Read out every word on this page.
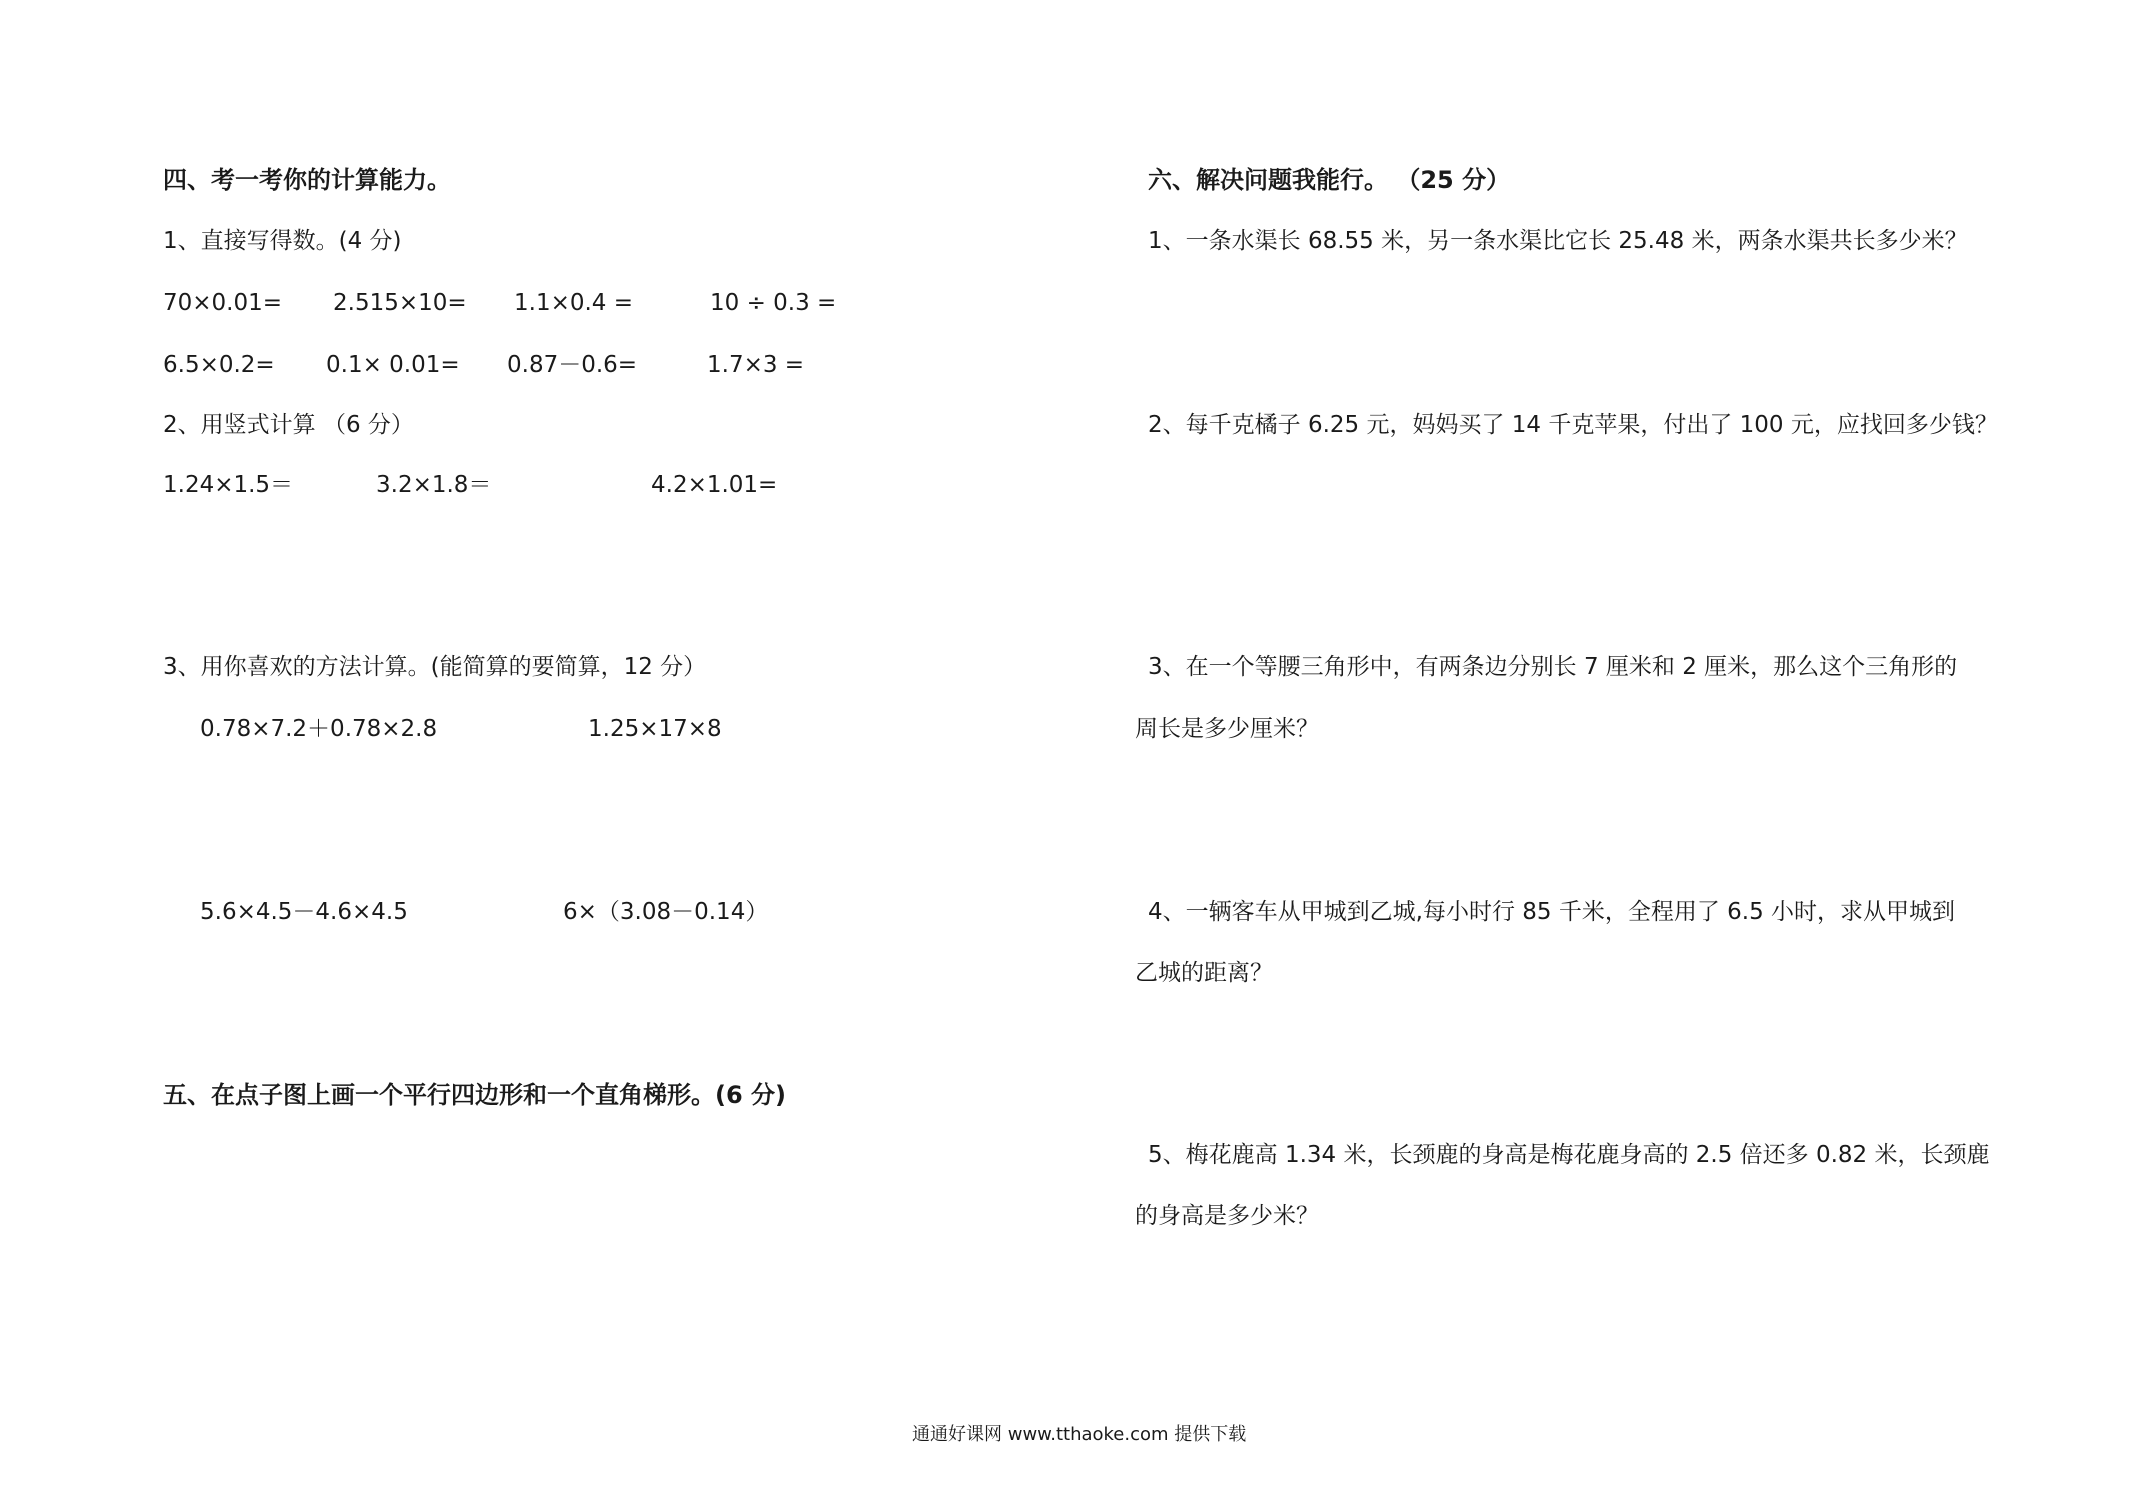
四、考一考你的计算能力。
1、直接写得数。(4 分)
70×0.01= 2.515×10= 1.1×0.4 =	10 ÷ 0.3 =
6.5×0.2= 0.1× 0.01= 0.87－0.6=	1.7×3 =
2、用竖式计算 （6 分）
1.24×1.5＝	3.2×1.8＝	4.2×1.01=
3、用你喜欢的方法计算。(能简算的要简算，12 分）
0.78×7.2＋0.78×2.8	1.25×17×8
5.6×4.5－4.6×4.5	6×（3.08－0.14）
五、在点子图上画一个平行四边形和一个直角梯形。(6 分)
六、解决问题我能行。 （25 分）
1、一条水渠长 68.55 米，另一条水渠比它长 25.48 米，两条水渠共长多少米？
2、每千克橘子 6.25 元，妈妈买了 14 千克苹果，付出了 100 元，应找回多少钱？
3、在一个等腰三角形中，有两条边分别长 7 厘米和 2 厘米，那么这个三角形的
周长是多少厘米？
4、一辆客车从甲城到乙城,每小时行 85 千米，全程用了 6.5 小时，求从甲城到
乙城的距离？
5、梅花鹿高 1.34 米，长颈鹿的身高是梅花鹿身高的 2.5 倍还多 0.82 米，长颈鹿
的身高是多少米？
通通好课网 www.tthaoke.com 提供下载
